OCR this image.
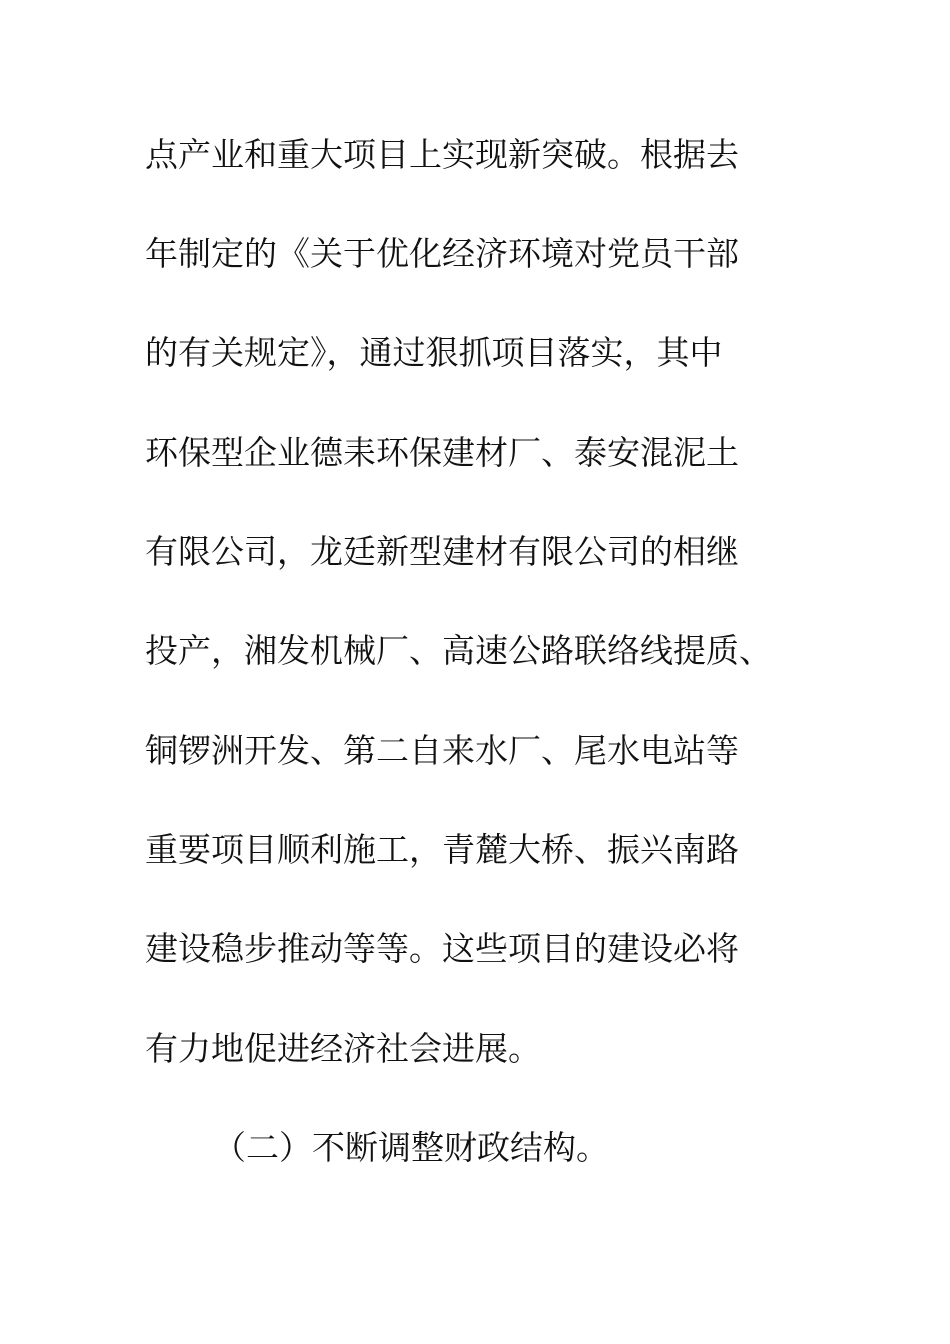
点产业和重大项目上实现新突破。根据去
年制定的《关于优化经济环境对党员干部
的有关规定》，通过狠抓项目落实，其中
环保型企业德耒环保建材厂、泰安混泥土
有限公司，龙廷新型建材有限公司的相继
投产，湘发机械厂、高速公路联络线提质、
铜锣洲开发、第二自来水厂、尾水电站等
重要项目顺利施工，青麓大桥、振兴南路
建设稳步推动等等。这些项目的建设必将
有力地促进经济社会进展。
（二）不断调整财政结构。
